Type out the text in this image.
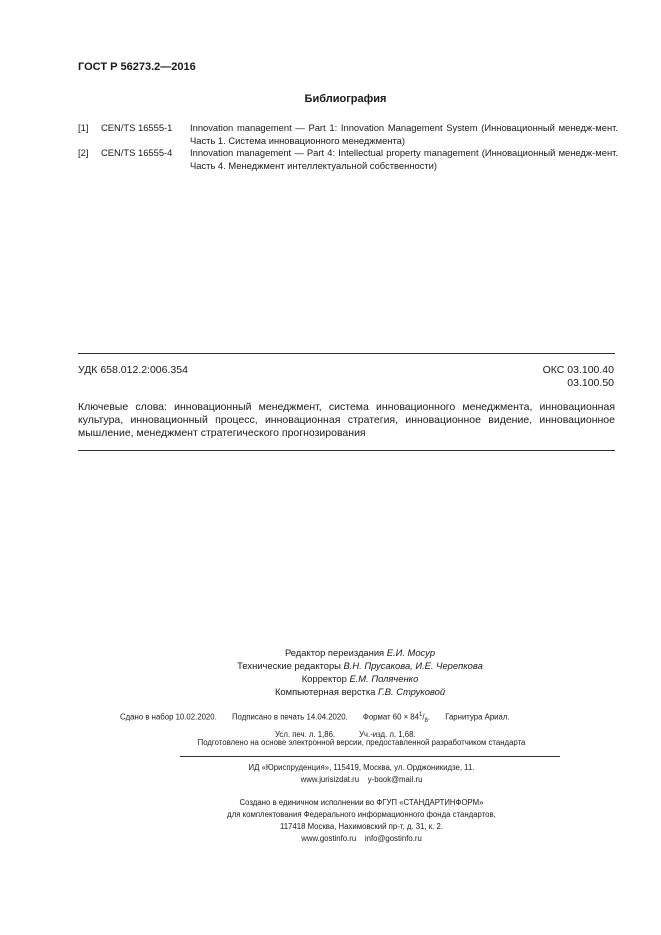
ГОСТ Р 56273.2—2016
Библиография
[1] CEN/TS 16555-1 Innovation management — Part 1: Innovation Management System (Инновационный менедж-мент. Часть 1. Система инновационного менеджмента)
[2] CEN/TS 16555-4 Innovation management — Part 4: Intellectual property management (Инновационный менедж-мент. Часть 4. Менеджмент интеллектуальной собственности)
УДК 658.012.2:006.354	ОКС 03.100.40
03.100.50
Ключевые слова: инновационный менеджмент, система инновационного менеджмента, инновационная культура, инновационный процесс, инновационная стратегия, инновационное видение, инновационное мышление, менеджмент стратегического прогнозирования
Редактор переиздания Е.И. Мосур
Технические редакторы В.Н. Прусакова, И.Е. Черепкова
Корректор Е.М. Поляченко
Компьютерная верстка Г.В. Струковой
Сдано в набор 10.02.2020. Подписано в печать 14.04.2020. Формат $60 \times 84^1/_8$.       Гарнитура Ариал.
Усл. печ. л. 1,86.	Уч.-изд. л. 1,68.
Подготовлено на основе электронной версии, предоставленной разработчиком стандарта
ИД «Юриспруденция», 115419, Москва, ул. Орджоникидзе, 11.
www.jurisizdat.ru    y-book@mail.ru
Создано в единичном исполнении во ФГУП «СТАНДАРТИНФОРМ»
для комплектования Федерального информационного фонда стандартов,
117418 Москва, Нахимовский пр-т, д. 31, к. 2.
www.gostinfo.ru    info@gostinfo.ru
